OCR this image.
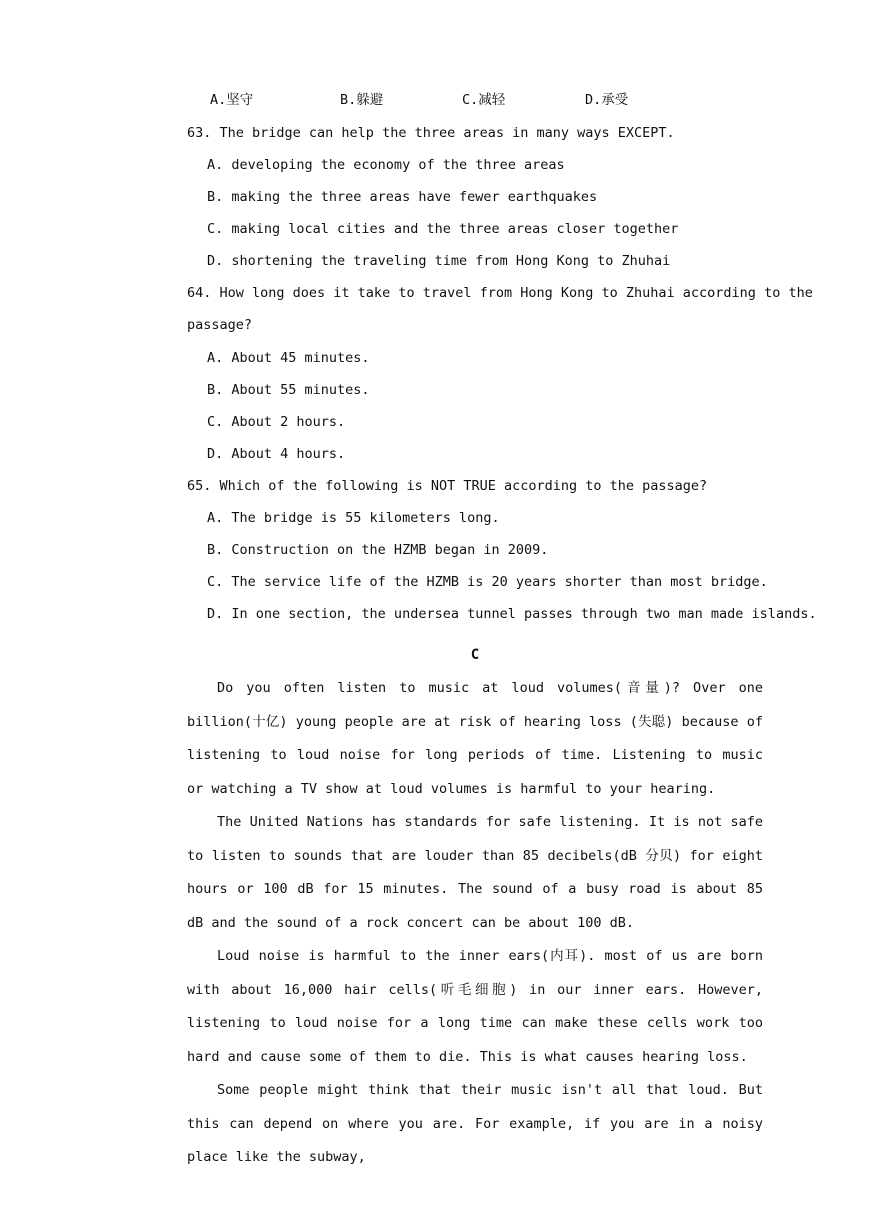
A.坚守	B.躲避	C.减轻	D.承受
63. The bridge can help the three areas in many ways EXCEPT.
A. developing the economy of the three areas
B. making the three areas have fewer earthquakes
C. making local cities and the three areas closer together
D. shortening the traveling time from Hong Kong to Zhuhai
64. How long does it take to travel from Hong Kong to Zhuhai according to the
passage?
A. About 45 minutes.
B. About 55 minutes.
C. About 2 hours.
D. About 4 hours.
65. Which of the following is NOT TRUE according to the passage?
A. The bridge is 55 kilometers long.
B. Construction on the HZMB began in 2009.
C. The service life of the HZMB is 20 years shorter than most bridge.
D. In one section, the undersea tunnel passes through two man made islands.
C

Do you often listen to music at loud volumes(音量)? Over one billion(十亿) young people are at risk of hearing loss (失聪) because of listening to loud noise for long periods of time. Listening to music or watching a TV show at loud volumes is harmful to your hearing.

The United Nations has standards for safe listening. It is not safe to listen to sounds that are louder than 85 decibels(dB 分贝) for eight hours or 100 dB for 15 minutes. The sound of a busy road is about 85 dB and the sound of a rock concert can be about 100 dB.

Loud noise is harmful to the inner ears(内耳). most of us are born with about 16,000 hair cells(听毛细胞) in our inner ears. However, listening to loud noise for a long time can make these cells work too hard and cause some of them to die. This is what causes hearing loss.

Some people might think that their music isn't all that loud. But this can depend on where you are. For example, if you are in a noisy place like the subway,
